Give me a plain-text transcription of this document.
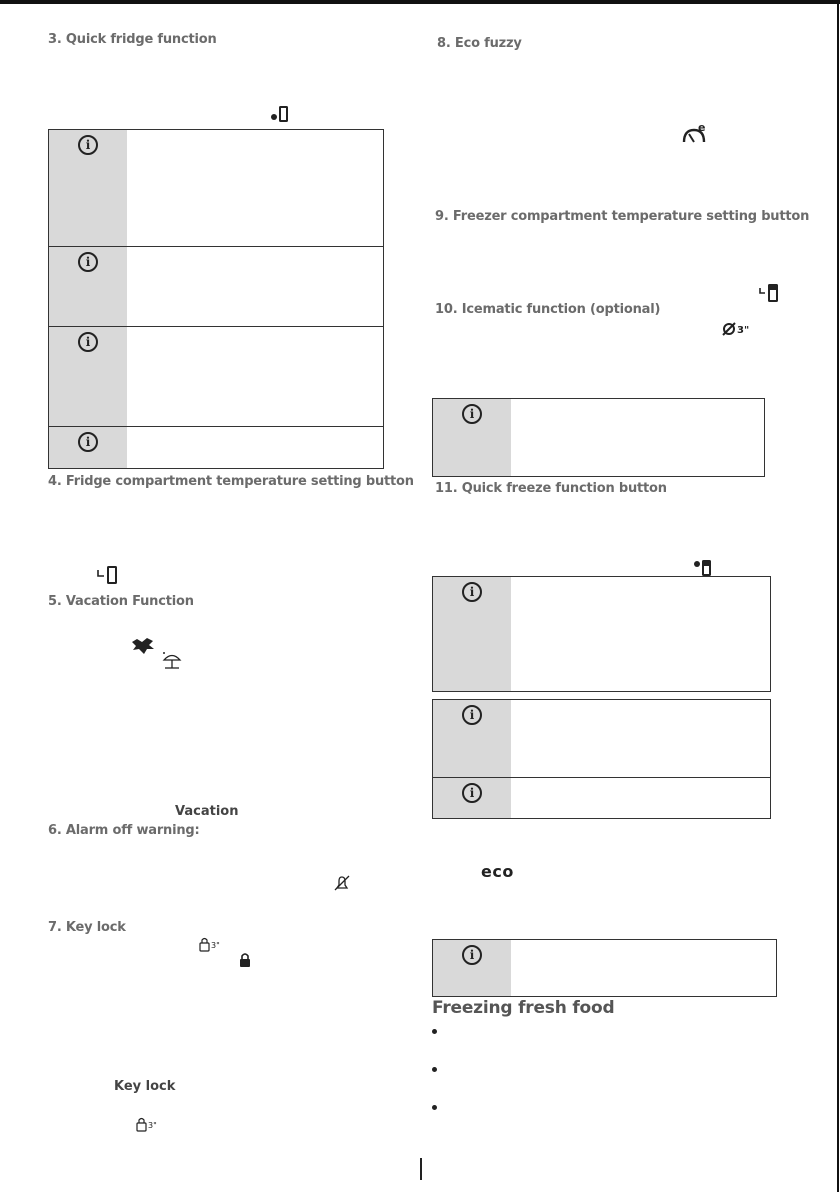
3. Quick fridge function
i
i
i
i
4. Fridge compartment temperature setting button
5. Vacation Function
Vacation
6. Alarm off warning:
7. Key lock
3"
Key lock
3"
8. Eco fuzzy
e
9. Freezer compartment temperature setting button
10. Icematic function (optional)
3"
i
11. Quick freeze function button
i
i
i
eco
i
Freezing fresh food
